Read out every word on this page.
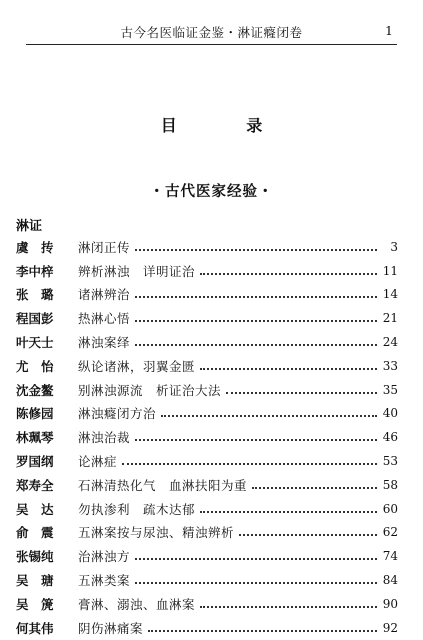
古今名医临证金鉴・淋证癃闭卷	1
目 录
・古代医家经验・
淋证
虞　抟	淋闭正传	3
李中梓	辨析淋浊　详明证治	11
张　璐	诸淋辨治	14
程国彭	热淋心悟	21
叶天士	淋浊案绎	24
尤　怡	纵论诸淋，羽翼金匮	33
沈金鳌	别淋浊源流　析证治大法	35
陈修园	淋浊癃闭方治	40
林珮琴	淋浊治裁	46
罗国纲	论淋症	53
郑寿全	石淋清热化气　血淋扶阳为重	58
吴　达	勿执渗利　疏木达郁	60
俞　震	五淋案按与尿浊、精浊辨析	62
张锡纯	治淋浊方	74
吴　瑭	五淋类案	84
吴　箎	膏淋、溺浊、血淋案	90
何其伟	阴伤淋痛案	92
